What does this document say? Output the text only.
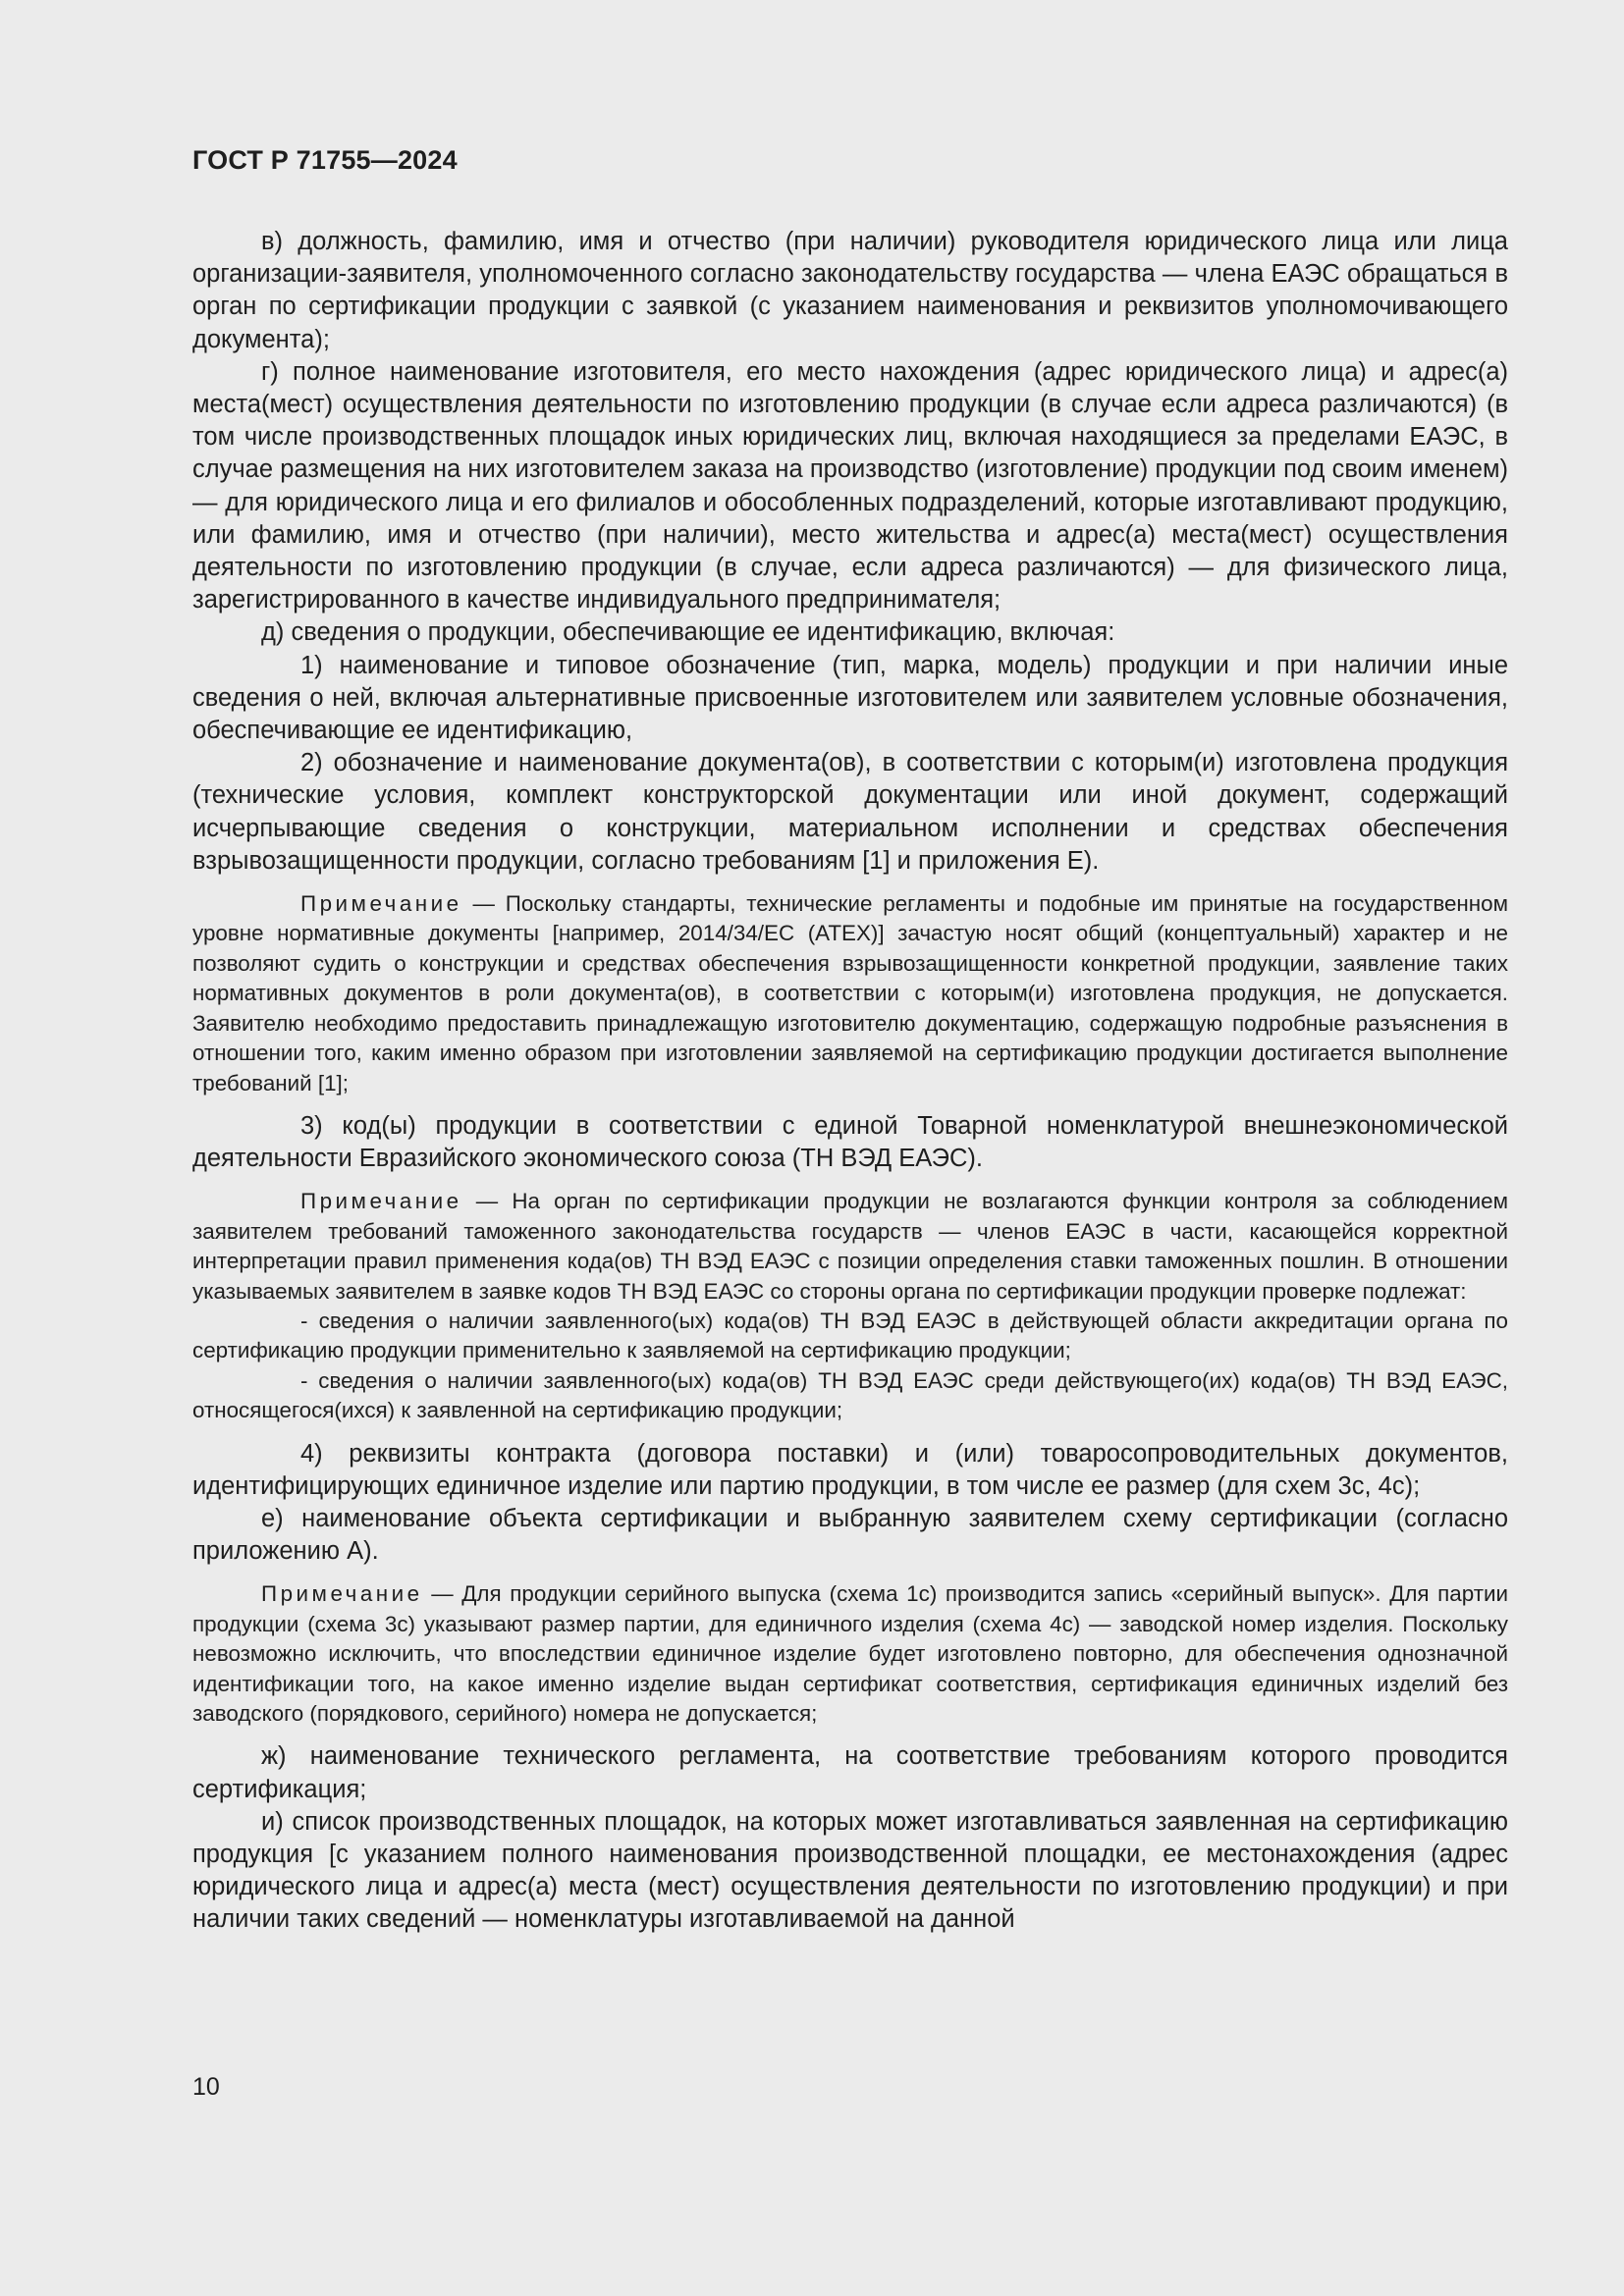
ГОСТ Р 71755—2024

в) должность, фамилию, имя и отчество (при наличии) руководителя юридического лица или лица организации-заявителя, уполномоченного согласно законодательству государства — члена ЕАЭС обращаться в орган по сертификации продукции с заявкой (с указанием наименования и реквизитов уполномочивающего документа);

г) полное наименование изготовителя, его место нахождения (адрес юридического лица) и адрес(а) места(мест) осуществления деятельности по изготовлению продукции (в случае если адреса различаются) (в том числе производственных площадок иных юридических лиц, включая находящиеся за пределами ЕАЭС, в случае размещения на них изготовителем заказа на производство (изготовление) продукции под своим именем) — для юридического лица и его филиалов и обособленных подразделений, которые изготавливают продукцию, или фамилию, имя и отчество (при наличии), место жительства и адрес(а) места(мест) осуществления деятельности по изготовлению продукции (в случае, если адреса различаются) — для физического лица, зарегистрированного в качестве индивидуального предпринимателя;

д) сведения о продукции, обеспечивающие ее идентификацию, включая:

1) наименование и типовое обозначение (тип, марка, модель) продукции и при наличии иные сведения о ней, включая альтернативные присвоенные изготовителем или заявителем условные обозначения, обеспечивающие ее идентификацию,

2) обозначение и наименование документа(ов), в соответствии с которым(и) изготовлена продукция (технические условия, комплект конструкторской документации или иной документ, содержащий исчерпывающие сведения о конструкции, материальном исполнении и средствах обеспечения взрывозащищенности продукции, согласно требованиям [1] и приложения Е).

Примечание — Поскольку стандарты, технические регламенты и подобные им принятые на государственном уровне нормативные документы [например, 2014/34/ЕС (АТЕХ)] зачастую носят общий (концептуальный) характер и не позволяют судить о конструкции и средствах обеспечения взрывозащищенности конкретной продукции, заявление таких нормативных документов в роли документа(ов), в соответствии с которым(и) изготовлена продукция, не допускается. Заявителю необходимо предоставить принадлежащую изготовителю документацию, содержащую подробные разъяснения в отношении того, каким именно образом при изготовлении заявляемой на сертификацию продукции достигается выполнение требований [1];

3) код(ы) продукции в соответствии с единой Товарной номенклатурой внешнеэкономической деятельности Евразийского экономического союза (ТН ВЭД ЕАЭС).

Примечание — На орган по сертификации продукции не возлагаются функции контроля за соблюдением заявителем требований таможенного законодательства государств — членов ЕАЭС в части, касающейся корректной интерпретации правил применения кода(ов) ТН ВЭД ЕАЭС с позиции определения ставки таможенных пошлин. В отношении указываемых заявителем в заявке кодов ТН ВЭД ЕАЭС со стороны органа по сертификации продукции проверке подлежат:

- сведения о наличии заявленного(ых) кода(ов) ТН ВЭД ЕАЭС в действующей области аккредитации органа по сертификацию продукции применительно к заявляемой на сертификацию продукции;

- сведения о наличии заявленного(ых) кода(ов) ТН ВЭД ЕАЭС среди действующего(их) кода(ов) ТН ВЭД ЕАЭС, относящегося(ихся) к заявленной на сертификацию продукции;

4) реквизиты контракта (договора поставки) и (или) товаросопроводительных документов, идентифицирующих единичное изделие или партию продукции, в том числе ее размер (для схем 3с, 4с);

е) наименование объекта сертификации и выбранную заявителем схему сертификации (согласно приложению А).

Примечание — Для продукции серийного выпуска (схема 1с) производится запись «серийный выпуск». Для партии продукции (схема 3с) указывают размер партии, для единичного изделия (схема 4с) — заводской номер изделия. Поскольку невозможно исключить, что впоследствии единичное изделие будет изготовлено повторно, для обеспечения однозначной идентификации того, на какое именно изделие выдан сертификат соответствия, сертификация единичных изделий без заводского (порядкового, серийного) номера не допускается;

ж) наименование технического регламента, на соответствие требованиям которого проводится сертификация;

и) список производственных площадок, на которых может изготавливаться заявленная на сертификацию продукция [с указанием полного наименования производственной площадки, ее местонахождения (адрес юридического лица и адрес(а) места (мест) осуществления деятельности по изготовлению продукции) и при наличии таких сведений — номенклатуры изготавливаемой на данной

10
